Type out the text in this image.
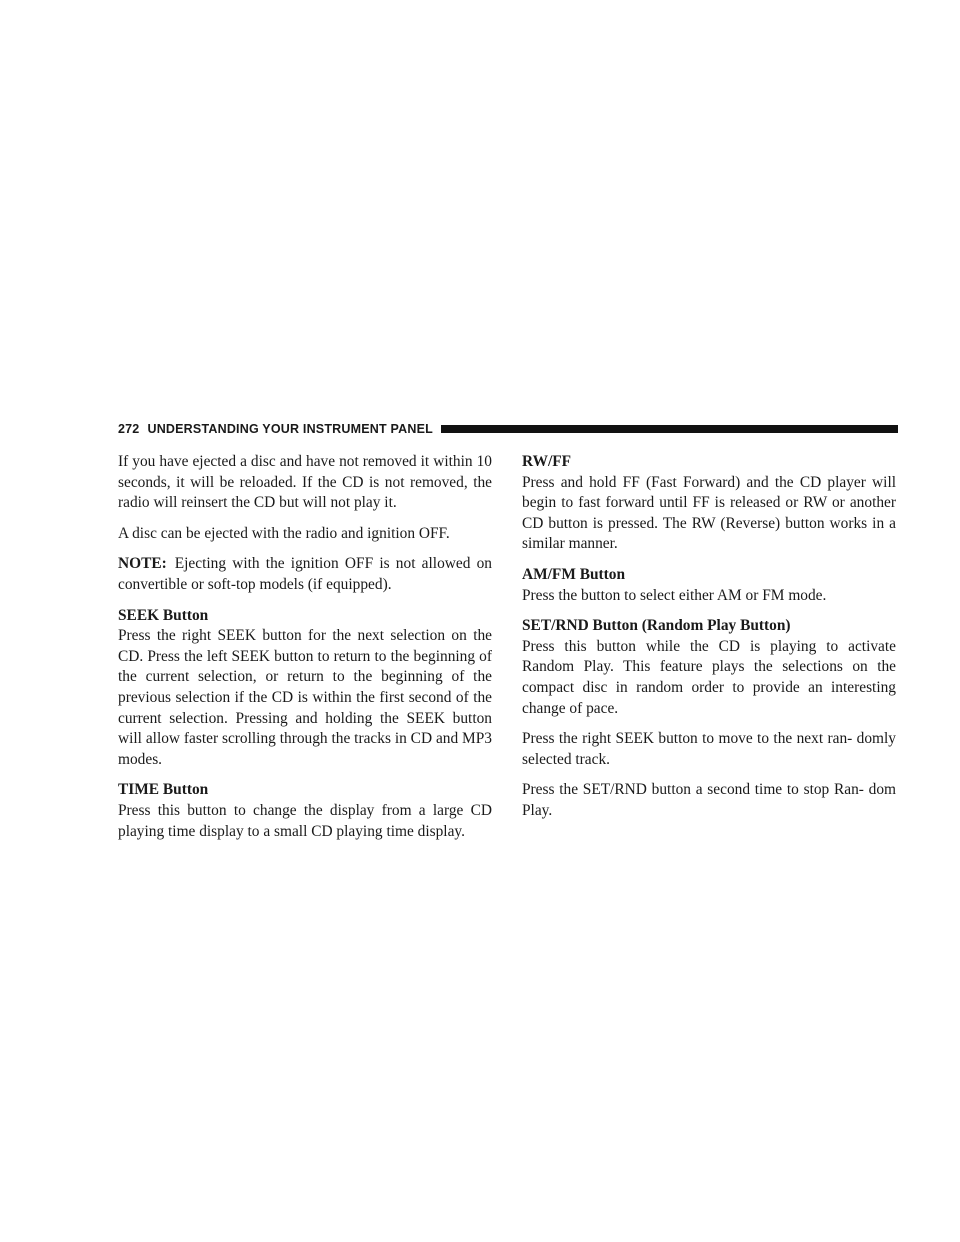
272 UNDERSTANDING YOUR INSTRUMENT PANEL

If you have ejected a disc and have not removed it within 10 seconds, it will be reloaded. If the CD is not removed, the radio will reinsert the CD but will not play it.

A disc can be ejected with the radio and ignition OFF.

NOTE: Ejecting with the ignition OFF is not allowed on convertible or soft-top models (if equipped).

SEEK Button
Press the right SEEK button for the next selection on the CD. Press the left SEEK button to return to the beginning of the current selection, or return to the beginning of the previous selection if the CD is within the first second of the current selection. Pressing and holding the SEEK button will allow faster scrolling through the tracks in CD and MP3 modes.
TIME Button
Press this button to change the display from a large CD playing time display to a small CD playing time display.
RW/FF
Press and hold FF (Fast Forward) and the CD player will begin to fast forward until FF is released or RW or another CD button is pressed. The RW (Reverse) button works in a similar manner.
AM/FM Button
Press the button to select either AM or FM mode.
SET/RND Button (Random Play Button)
Press this button while the CD is playing to activate Random Play. This feature plays the selections on the compact disc in random order to provide an interesting change of pace.

Press the right SEEK button to move to the next ran- domly selected track.

Press the SET/RND button a second time to stop Ran- dom Play.
